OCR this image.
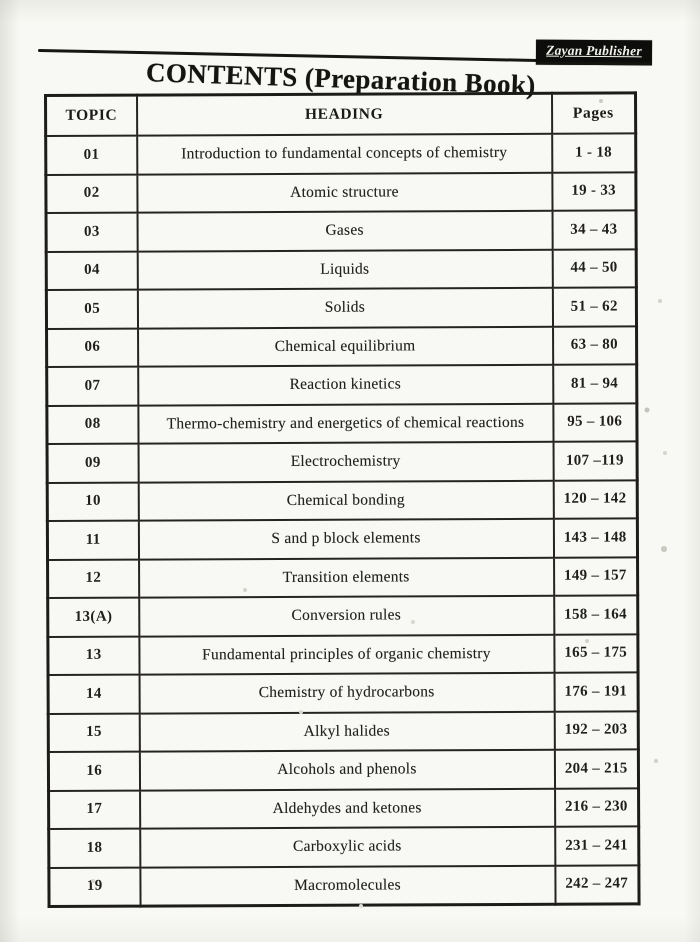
Zayan Publisher
CONTENTS (Preparation Book)
TOPIC	HEADING	Pages
01	Introduction to fundamental concepts of chemistry	1 - 18
02	Atomic structure	19 - 33
03	Gases	34 – 43
04	Liquids	44 – 50
05	Solids	51 – 62
06	Chemical equilibrium	63 – 80
07	Reaction kinetics	81 – 94
08	Thermo-chemistry and energetics of chemical reactions	95 – 106
09	Electrochemistry	107 –119
10	Chemical bonding	120 – 142
11	S and p block elements	143 – 148
12	Transition elements	149 – 157
13(A)	Conversion rules	158 – 164
13	Fundamental principles of organic chemistry	165 – 175
14	Chemistry of hydrocarbons	176 – 191
15	Alkyl halides	192 – 203
16	Alcohols and phenols	204 – 215
17	Aldehydes and ketones	216 – 230
18	Carboxylic acids	231 – 241
19	Macromolecules	242 – 247
